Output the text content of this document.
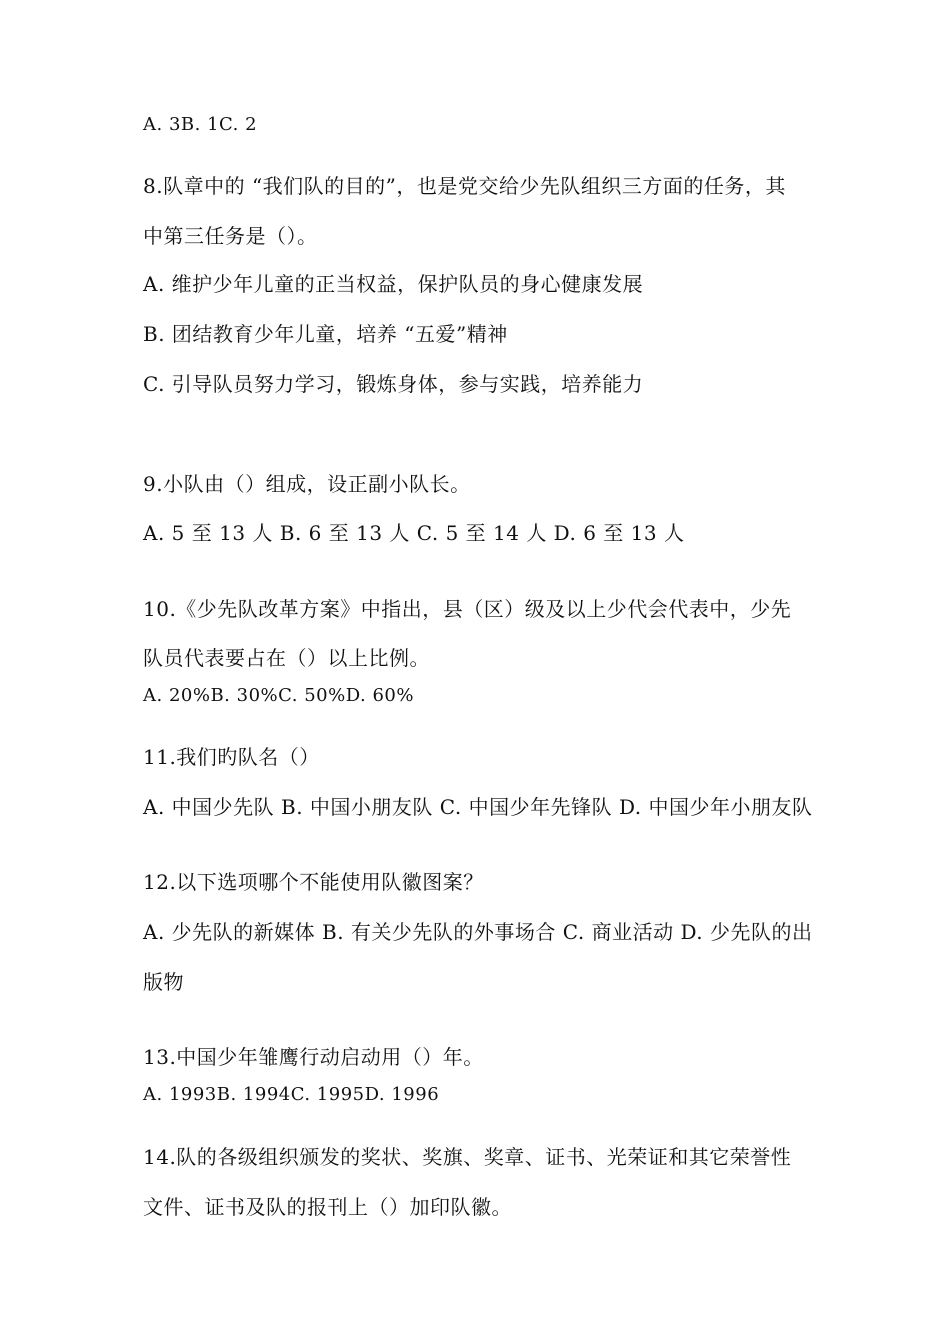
A. 3B. 1C. 2
8.队章中的 “我们队的目的”，也是党交给少先队组织三方面的任务，其
中第三任务是（）。
A. 维护少年儿童的正当权益，保护队员的身心健康发展
B. 团结教育少年儿童，培养 “五爱”精神
C. 引导队员努力学习，锻炼身体，参与实践，培养能力
9.小队由（）组成，设正副小队长。
A. 5 至 13 人 B. 6 至 13 人 C. 5 至 14 人 D. 6 至 13 人
10.《少先队改革方案》中指出，县（区）级及以上少代会代表中，少先
队员代表要占在（）以上比例。
A. 20%B. 30%C. 50%D. 60%
11.我们旳队名（）
A. 中国少先队 B. 中国小朋友队 C. 中国少年先锋队 D. 中国少年小朋友队
12.以下选项哪个不能使用队徽图案？
A. 少先队的新媒体 B. 有关少先队的外事场合 C. 商业活动 D. 少先队的出
版物
13.中国少年雏鹰行动启动用（）年。
A. 1993B. 1994C. 1995D. 1996
14.队的各级组织颁发的奖状、奖旗、奖章、证书、光荣证和其它荣誉性
文件、证书及队的报刊上（）加印队徽。
